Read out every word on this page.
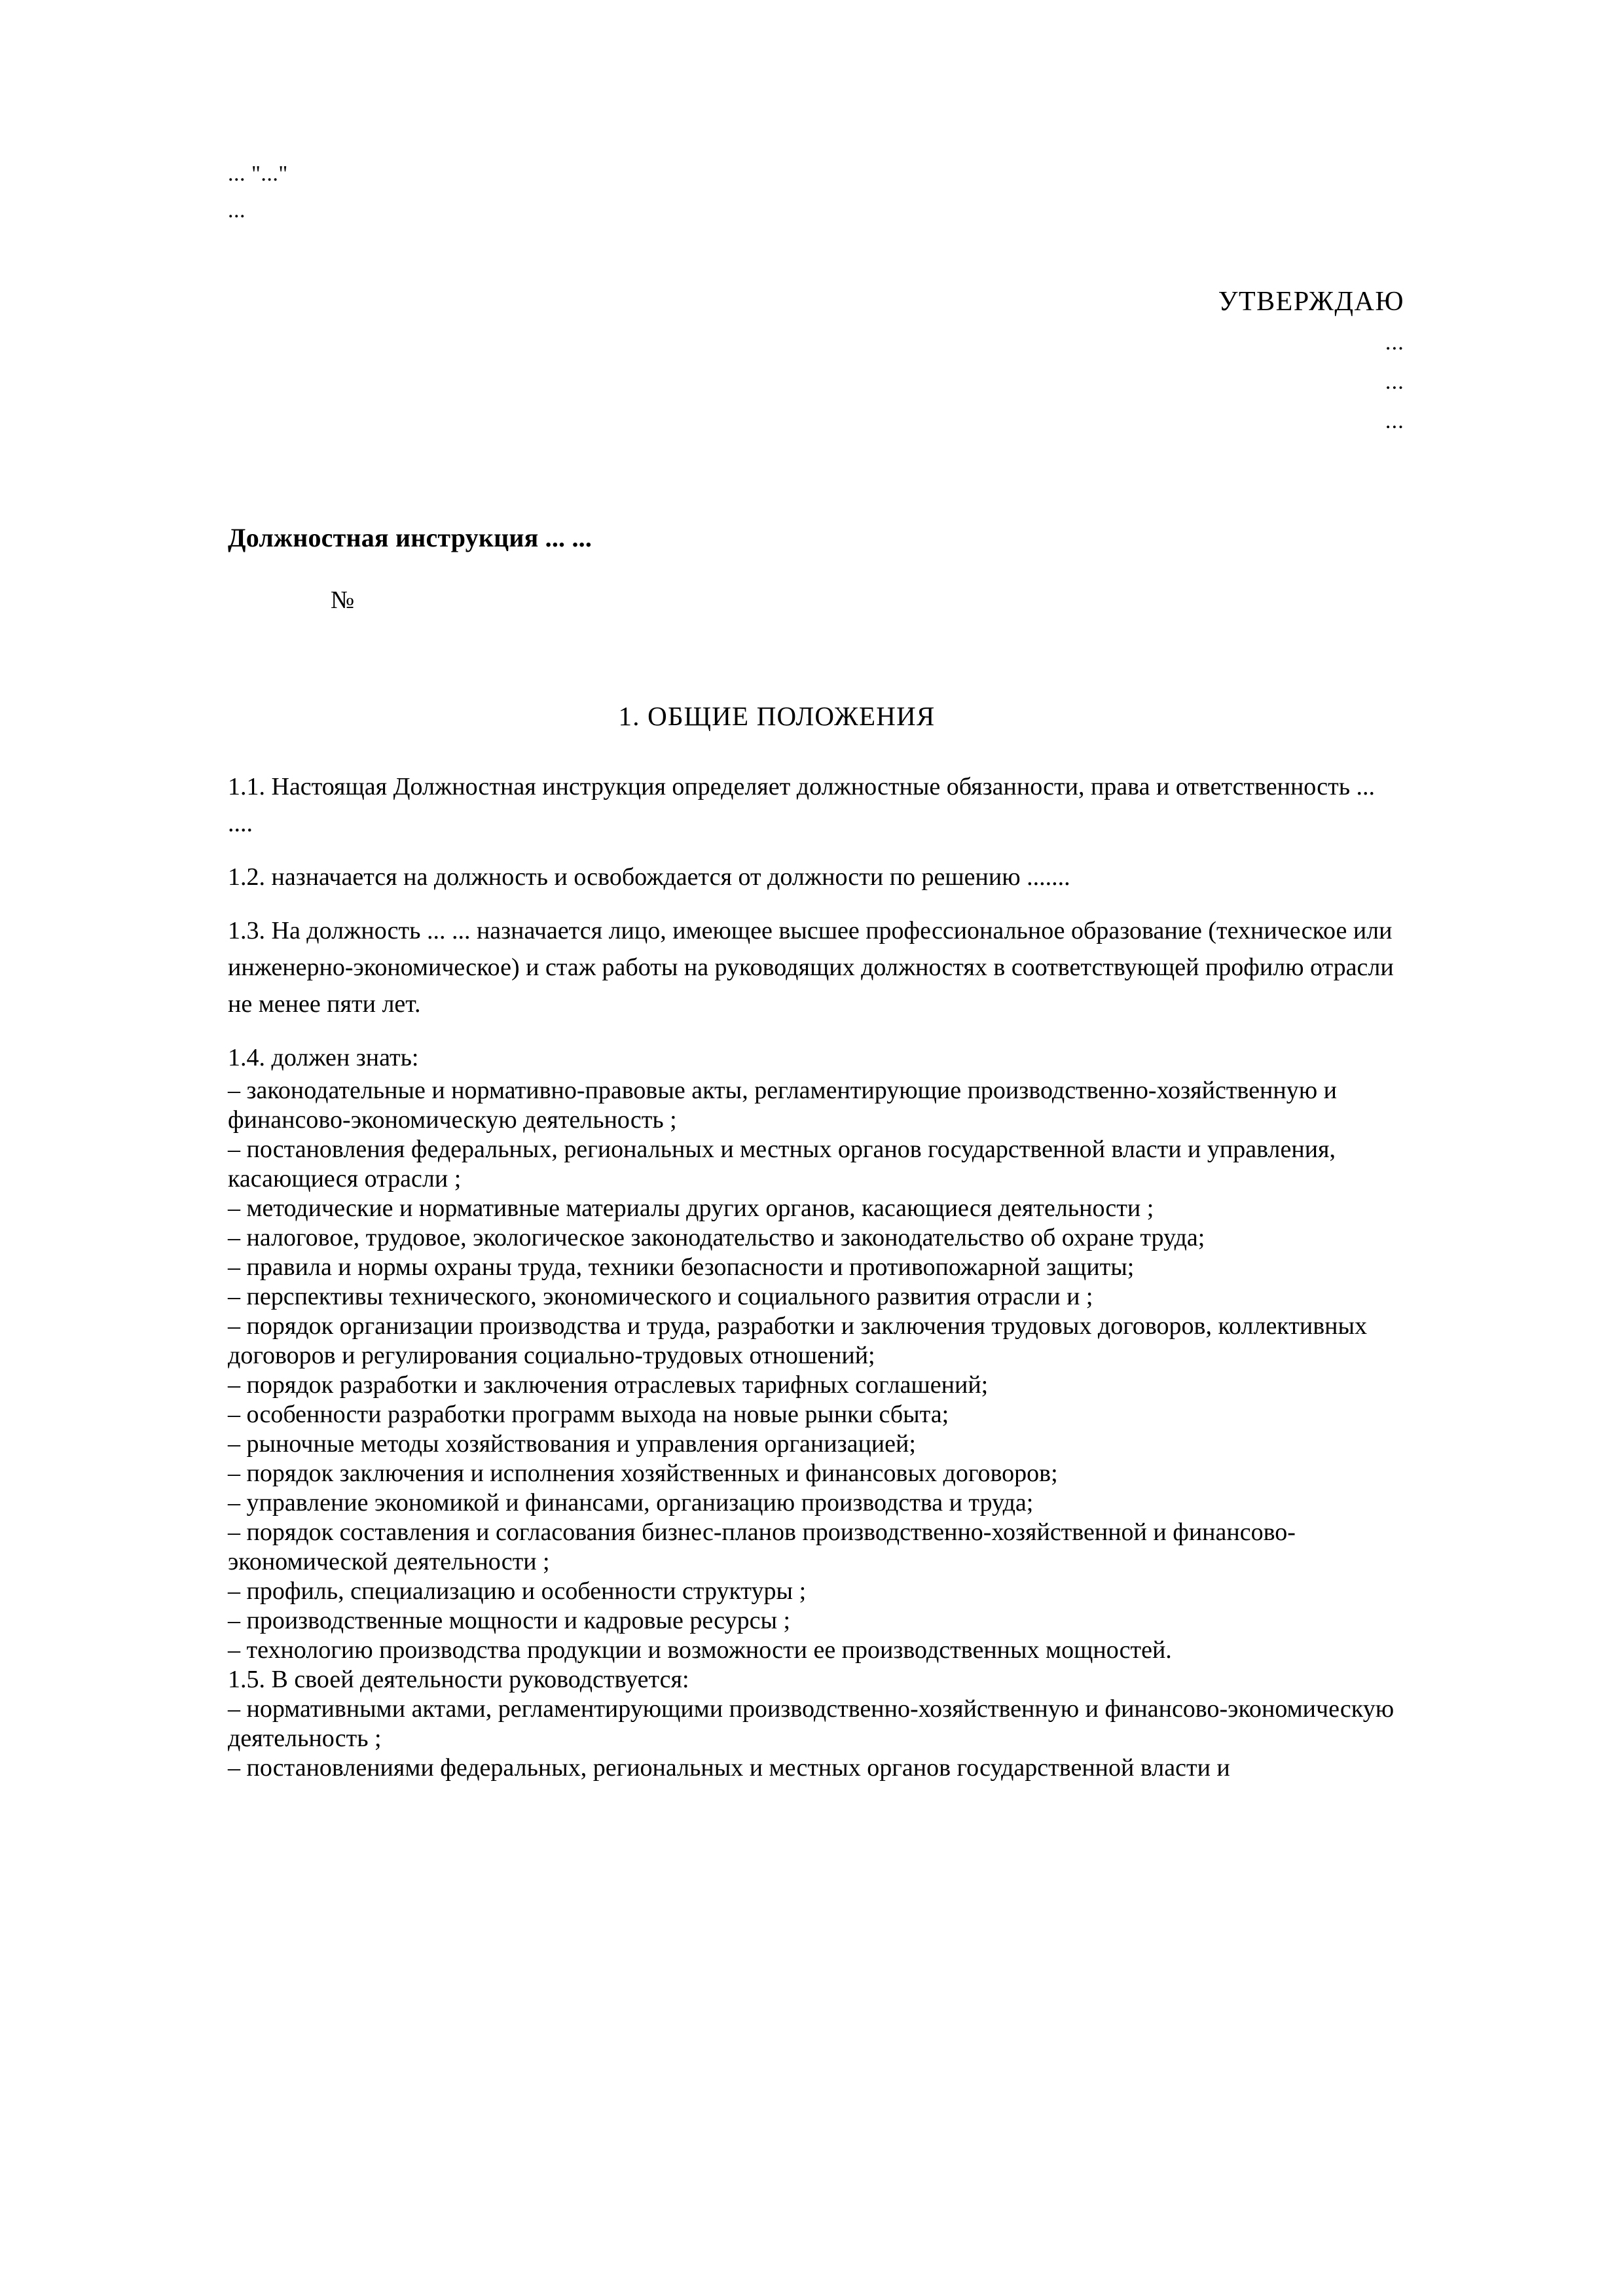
... "..."
...
УТВЕРЖДАЮ
...
...
...
Должностная инструкция ... ...
№
1. ОБЩИЕ ПОЛОЖЕНИЯ

1.1. Настоящая Должностная инструкция определяет должностные обязанности, права и ответственность ... ....

1.2. назначается на должность и освобождается от должности по решению .......

1.3. На должность ... ... назначается лицо, имеющее высшее профессиональное образование (техническое или инженерно-экономическое) и стаж работы на руководящих должностях в соответствующей профилю отрасли не менее пяти лет.

1.4. должен знать:

– законодательные и нормативно-правовые акты, регламентирующие производственно-хозяйственную и финансово-экономическую деятельность ;

– постановления федеральных, региональных и местных органов государственной власти и управления, касающиеся отрасли ;

– методические и нормативные материалы других органов, касающиеся деятельности ;

– налоговое, трудовое, экологическое законодательство и законодательство об охране труда;

– правила и нормы охраны труда, техники безопасности и противопожарной защиты;

– перспективы технического, экономического и социального развития отрасли и ;

– порядок организации производства и труда, разработки и заключения трудовых договоров, коллективных договоров и регулирования социально-трудовых отношений;

– порядок разработки и заключения отраслевых тарифных соглашений;

– особенности разработки программ выхода на новые рынки сбыта;

– рыночные методы хозяйствования и управления организацией;

– порядок заключения и исполнения хозяйственных и финансовых договоров;

– управление экономикой и финансами, организацию производства и труда;

– порядок составления и согласования бизнес-планов производственно-хозяйственной и финансово-экономической деятельности ;

– профиль, специализацию и особенности структуры ;

– производственные мощности и кадровые ресурсы ;

– технологию производства продукции и возможности ее производственных мощностей.

1.5. В своей деятельности руководствуется:

– нормативными актами, регламентирующими производственно-хозяйственную и финансово-экономическую деятельность ;

– постановлениями федеральных, региональных и местных органов государственной власти и
